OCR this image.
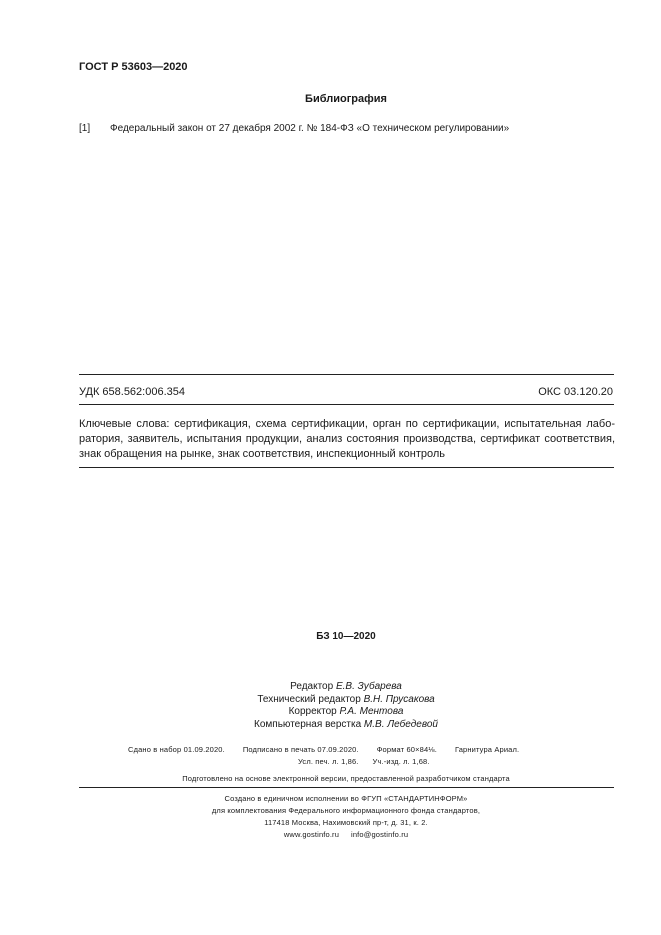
ГОСТ Р 53603—2020
Библиография
[1] Федеральный закон от 27 декабря 2002 г. № 184-ФЗ «О техническом регулировании»
УДК 658.562:006.354	ОКС 03.120.20
Ключевые слова: сертификация, схема сертификации, орган по сертификации, испытательная лабо-
ратория, заявитель, испытания продукции, анализ состояния производства, сертификат соответствия,
знак обращения на рынке, знак соответствия, инспекционный контроль
БЗ 10—2020
Редактор Е.В. Зубарева
Технический редактор В.Н. Прусакова
Корректор Р.А. Ментова
Компьютерная верстка М.В. Лебедевой
Сдано в набор 01.09.2020. Подписано в печать 07.09.2020. Формат 60×84⅛. Гарнитура Ариал.
Усл. печ. л. 1,86. Уч.-изд. л. 1,68.
Подготовлено на основе электронной версии, предоставленной разработчиком стандарта
Создано в единичном исполнении во ФГУП «СТАНДАРТИНФОРМ»
для комплектования Федерального информационного фонда стандартов,
117418 Москва, Нахимовский пр-т, д. 31, к. 2.
www.gostinfo.ru info@gostinfo.ru
